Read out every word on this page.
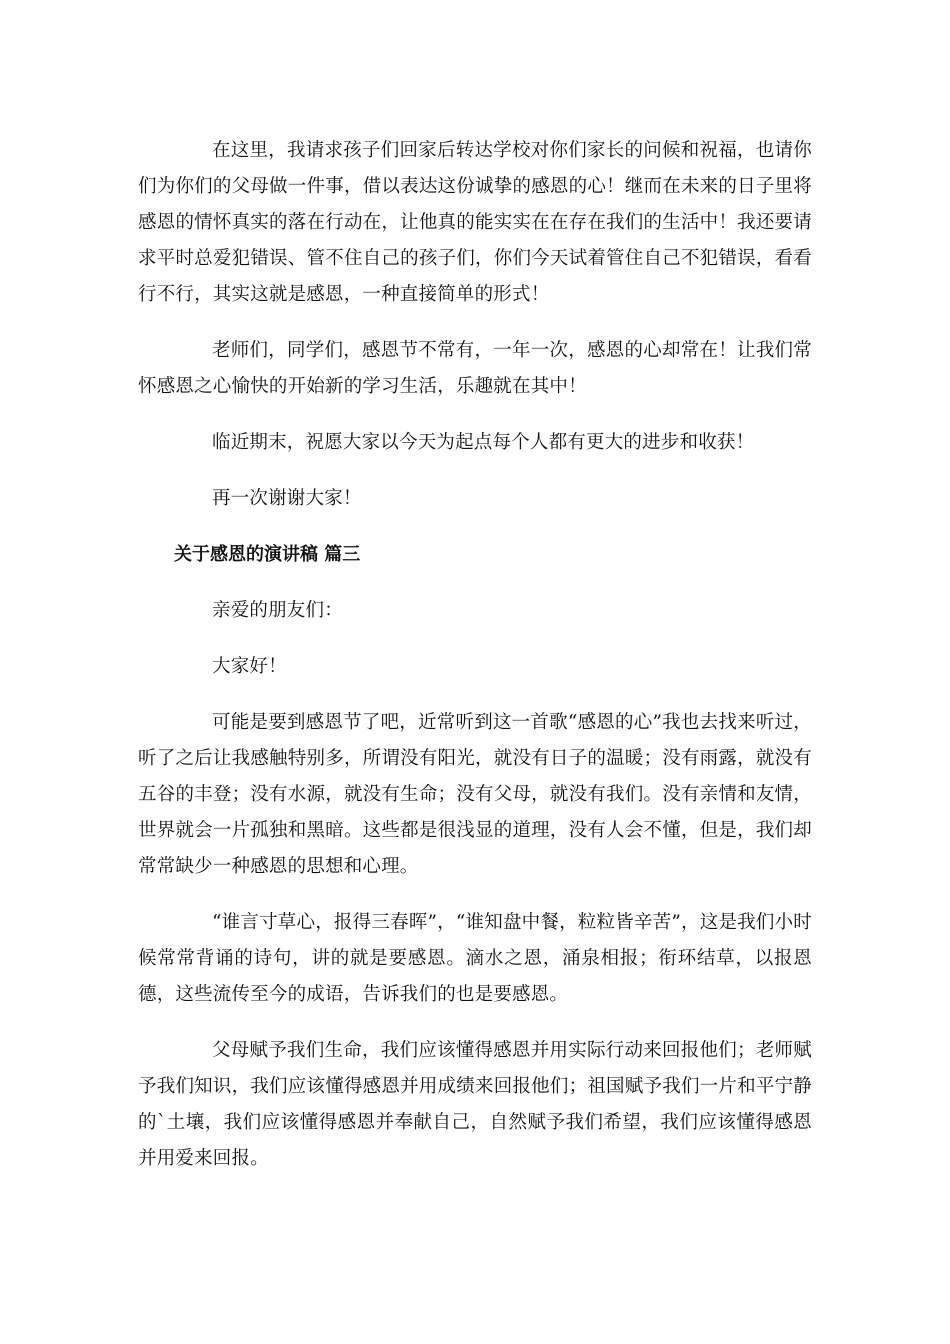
在这里，我请求孩子们回家后转达学校对你们家长的问候和祝福，也请你们为你们的父母做一件事，借以表达这份诚挚的感恩的心！继而在未来的日子里将感恩的情怀真实的落在行动在，让他真的能实实在在存在我们的生活中！我还要请求平时总爱犯错误、管不住自己的孩子们，你们今天试着管住自己不犯错误，看看行不行，其实这就是感恩，一种直接简单的形式！

老师们，同学们，感恩节不常有，一年一次，感恩的心却常在！让我们常怀感恩之心愉快的开始新的学习生活，乐趣就在其中！

临近期末，祝愿大家以今天为起点每个人都有更大的进步和收获！

再一次谢谢大家！

关于感恩的演讲稿 篇三

亲爱的朋友们：

大家好！

可能是要到感恩节了吧，近常听到这一首歌“感恩的心”我也去找来听过，听了之后让我感触特别多，所谓没有阳光，就没有日子的温暖；没有雨露，就没有五谷的丰登；没有水源，就没有生命；没有父母，就没有我们。没有亲情和友情，世界就会一片孤独和黑暗。这些都是很浅显的道理，没有人会不懂，但是，我们却常常缺少一种感恩的思想和心理。

“谁言寸草心，报得三春晖”，“谁知盘中餐，粒粒皆辛苦”，这是我们小时候常常背诵的诗句，讲的就是要感恩。滴水之恩，涌泉相报；衔环结草，以报恩德，这些流传至今的成语，告诉我们的也是要感恩。

父母赋予我们生命，我们应该懂得感恩并用实际行动来回报他们；老师赋予我们知识，我们应该懂得感恩并用成绩来回报他们；祖国赋予我们一片和平宁静的`土壤，我们应该懂得感恩并奉献自己，自然赋予我们希望，我们应该懂得感恩并用爱来回报。
